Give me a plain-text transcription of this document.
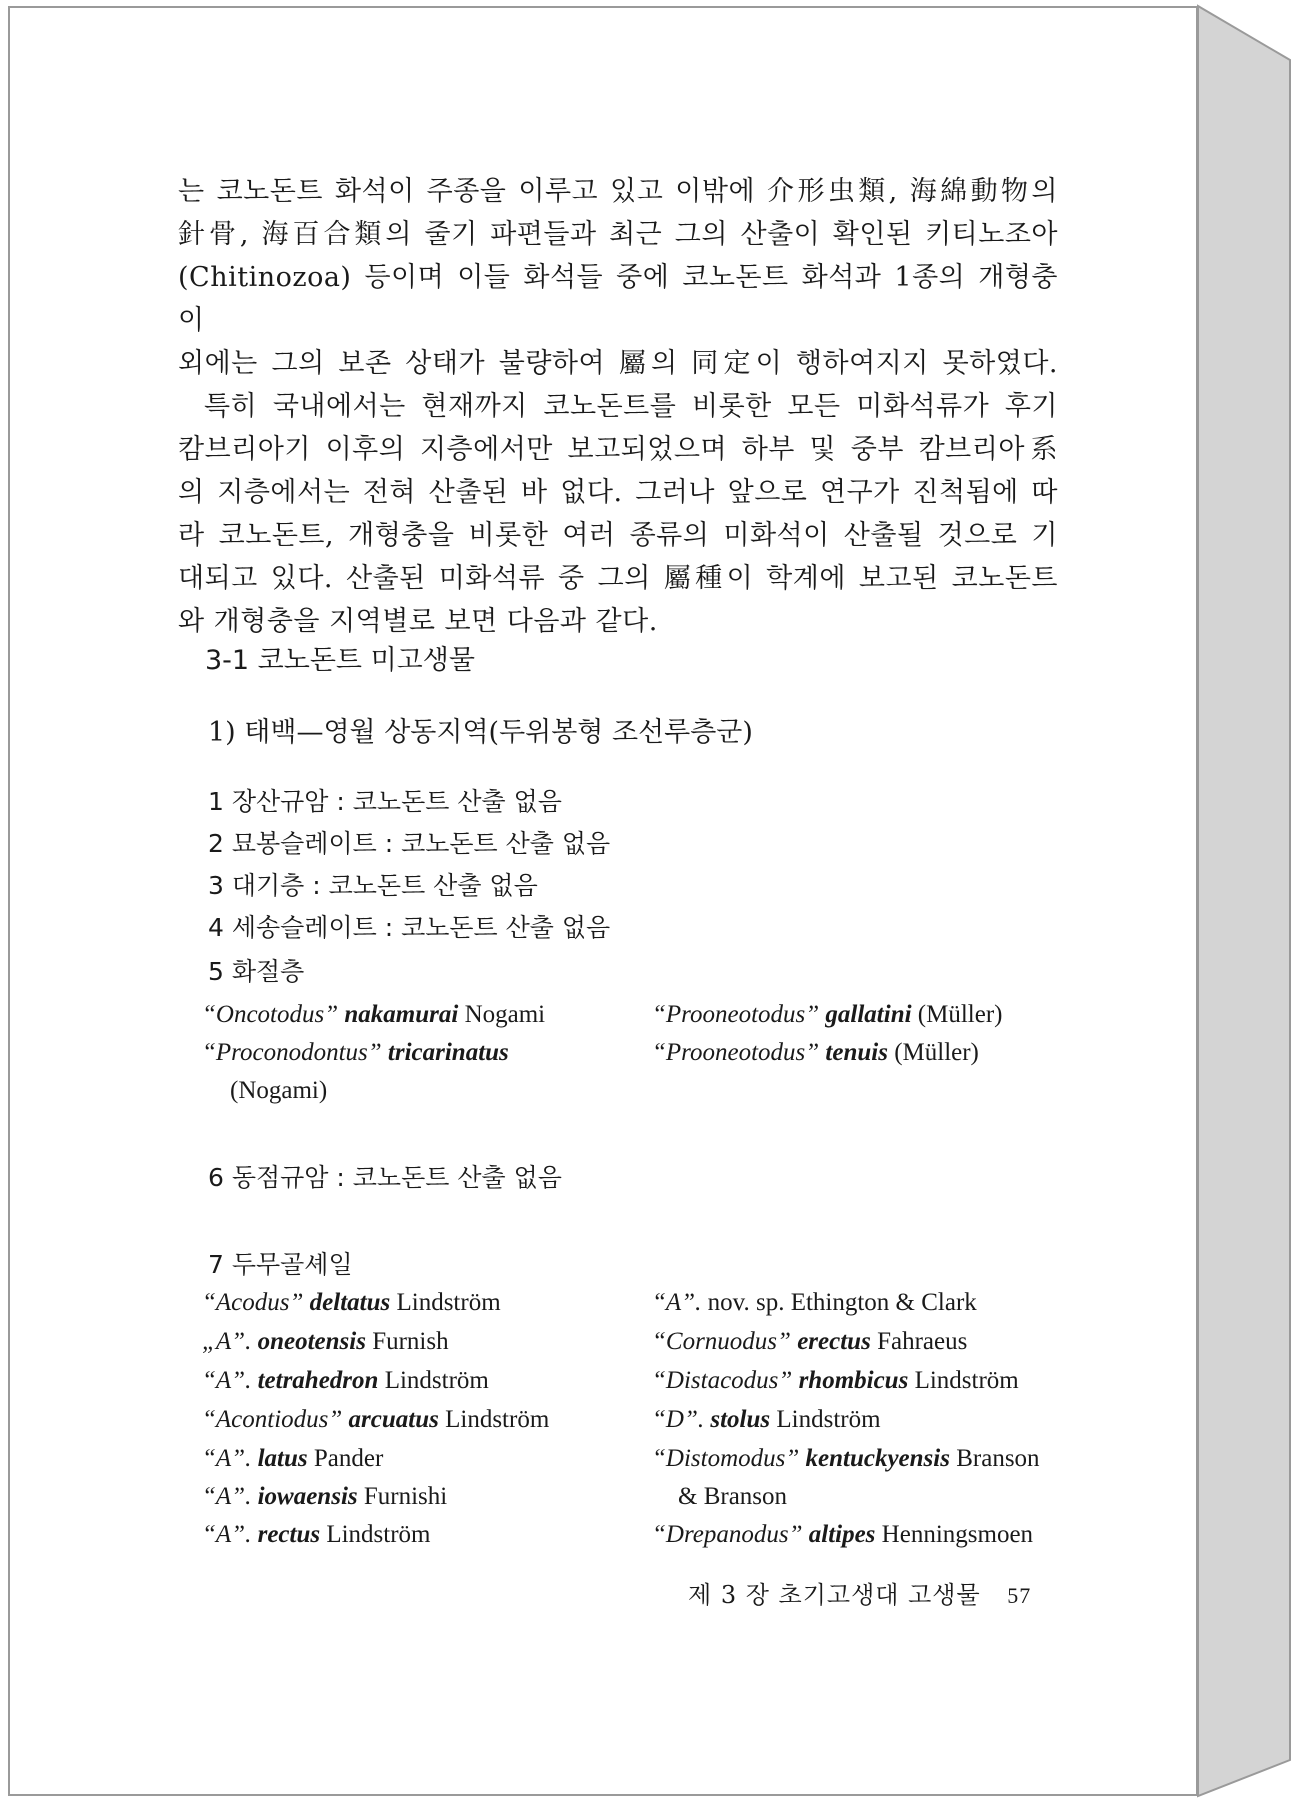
는 코노돈트 화석이 주종을 이루고 있고 이밖에 介形虫類, 海綿動物의

針骨, 海百合類의 줄기 파편들과 최근 그의 산출이 확인된 키티노조아

(Chitinozoa) 등이며 이들 화석들 중에 코노돈트 화석과 1종의 개형충 이

외에는 그의 보존 상태가 불량하여 屬의 同定이 행하여지지 못하였다.

특히 국내에서는 현재까지 코노돈트를 비롯한 모든 미화석류가 후기

캄브리아기 이후의 지층에서만 보고되었으며 하부 및 중부 캄브리아系

의 지층에서는 전혀 산출된 바 없다. 그러나 앞으로 연구가 진척됨에 따

라 코노돈트, 개형충을 비롯한 여러 종류의 미화석이 산출될 것으로 기

대되고 있다. 산출된 미화석류 중 그의 屬種이 학계에 보고된 코노돈트

와 개형충을 지역별로 보면 다음과 같다.

3-1 코노돈트 미고생물
1) 태백—영월 상동지역(두위봉형 조선루층군)
1 장산규암 : 코노돈트 산출 없음
2 묘봉슬레이트 : 코노돈트 산출 없음
3 대기층 : 코노돈트 산출 없음
4 세송슬레이트 : 코노돈트 산출 없음
5 화절층
“Oncotodus” nakamurai Nogami
“Proconodontus” tricarinatus
(Nogami)
“Prooneotodus” gallatini (Müller)
“Prooneotodus” tenuis (Müller)
6 동점규암 : 코노돈트 산출 없음
7 두무골셰일
“Acodus” deltatus Lindström
„A”. oneotensis Furnish
“A”. tetrahedron Lindström
“Acontiodus” arcuatus Lindström
“A”. latus Pander
“A”. iowaensis Furnishi
“A”. rectus Lindström
“A”. nov. sp. Ethington & Clark
“Cornuodus” erectus Fahraeus
“Distacodus” rhombicus Lindström
“D”. stolus Lindström
“Distomodus” kentuckyensis Branson
& Branson
“Drepanodus” altipes Henningsmoen
제 3 장 초기고생대 고생물 57
